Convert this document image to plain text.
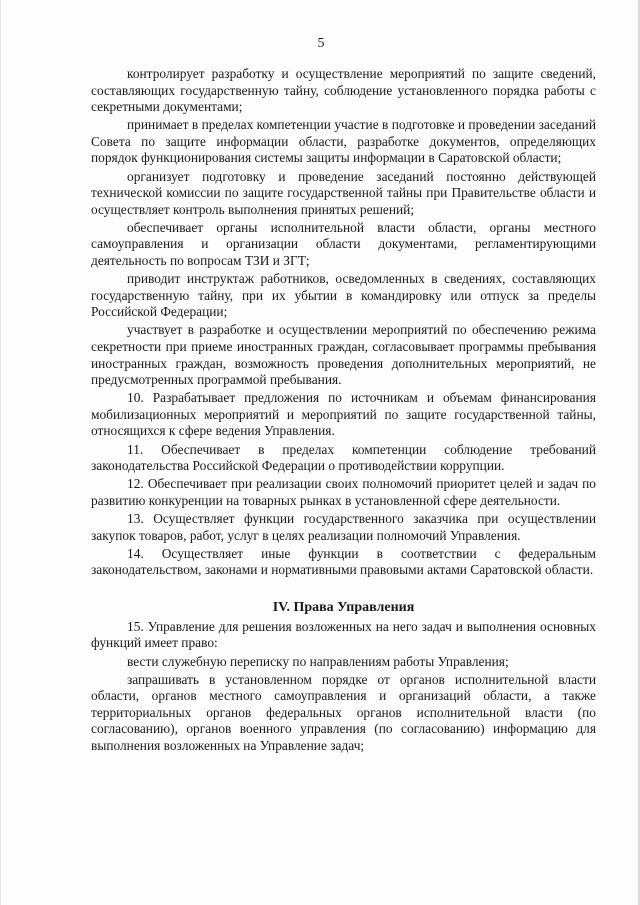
5

контролирует разработку и осуществление мероприятий по защите сведений, составляющих государственную тайну, соблюдение установленного порядка работы с секретными документами;

принимает в пределах компетенции участие в подготовке и проведении заседаний Совета по защите информации области, разработке документов, определяющих порядок функционирования системы защиты информации в Саратовской области;

организует подготовку и проведение заседаний постоянно действующей технической комиссии по защите государственной тайны при Правительстве области и осуществляет контроль выполнения принятых решений;

обеспечивает органы исполнительной власти области, органы местного самоуправления и организации области документами, регламентирующими деятельность по вопросам ТЗИ и ЗГТ;

приводит инструктаж работников, осведомленных в сведениях, составляющих государственную тайну, при их убытии в командировку или отпуск за пределы Российской Федерации;

участвует в разработке и осуществлении мероприятий по обеспечению режима секретности при приеме иностранных граждан, согласовывает программы пребывания иностранных граждан, возможность проведения дополнительных мероприятий, не предусмотренных программой пребывания.

10. Разрабатывает предложения по источникам и объемам финансирования мобилизационных мероприятий и мероприятий по защите государственной тайны, относящихся к сфере ведения Управления.

11. Обеспечивает в пределах компетенции соблюдение требований законодательства Российской Федерации о противодействии коррупции.

12. Обеспечивает при реализации своих полномочий приоритет целей и задач по развитию конкуренции на товарных рынках в установленной сфере деятельности.

13. Осуществляет функции государственного заказчика при осуществлении закупок товаров, работ, услуг в целях реализации полномочий Управления.

14. Осуществляет иные функции в соответствии с федеральным законодательством, законами и нормативными правовыми актами Саратовской области.

IV. Права Управления

15. Управление для решения возложенных на него задач и выполнения основных функций имеет право:

вести служебную переписку по направлениям работы Управления;

запрашивать в установленном порядке от органов исполнительной власти области, органов местного самоуправления и организаций области, а также территориальных органов федеральных органов исполнительной власти (по согласованию), органов военного управления (по согласованию) информацию для выполнения возложенных на Управление задач;
